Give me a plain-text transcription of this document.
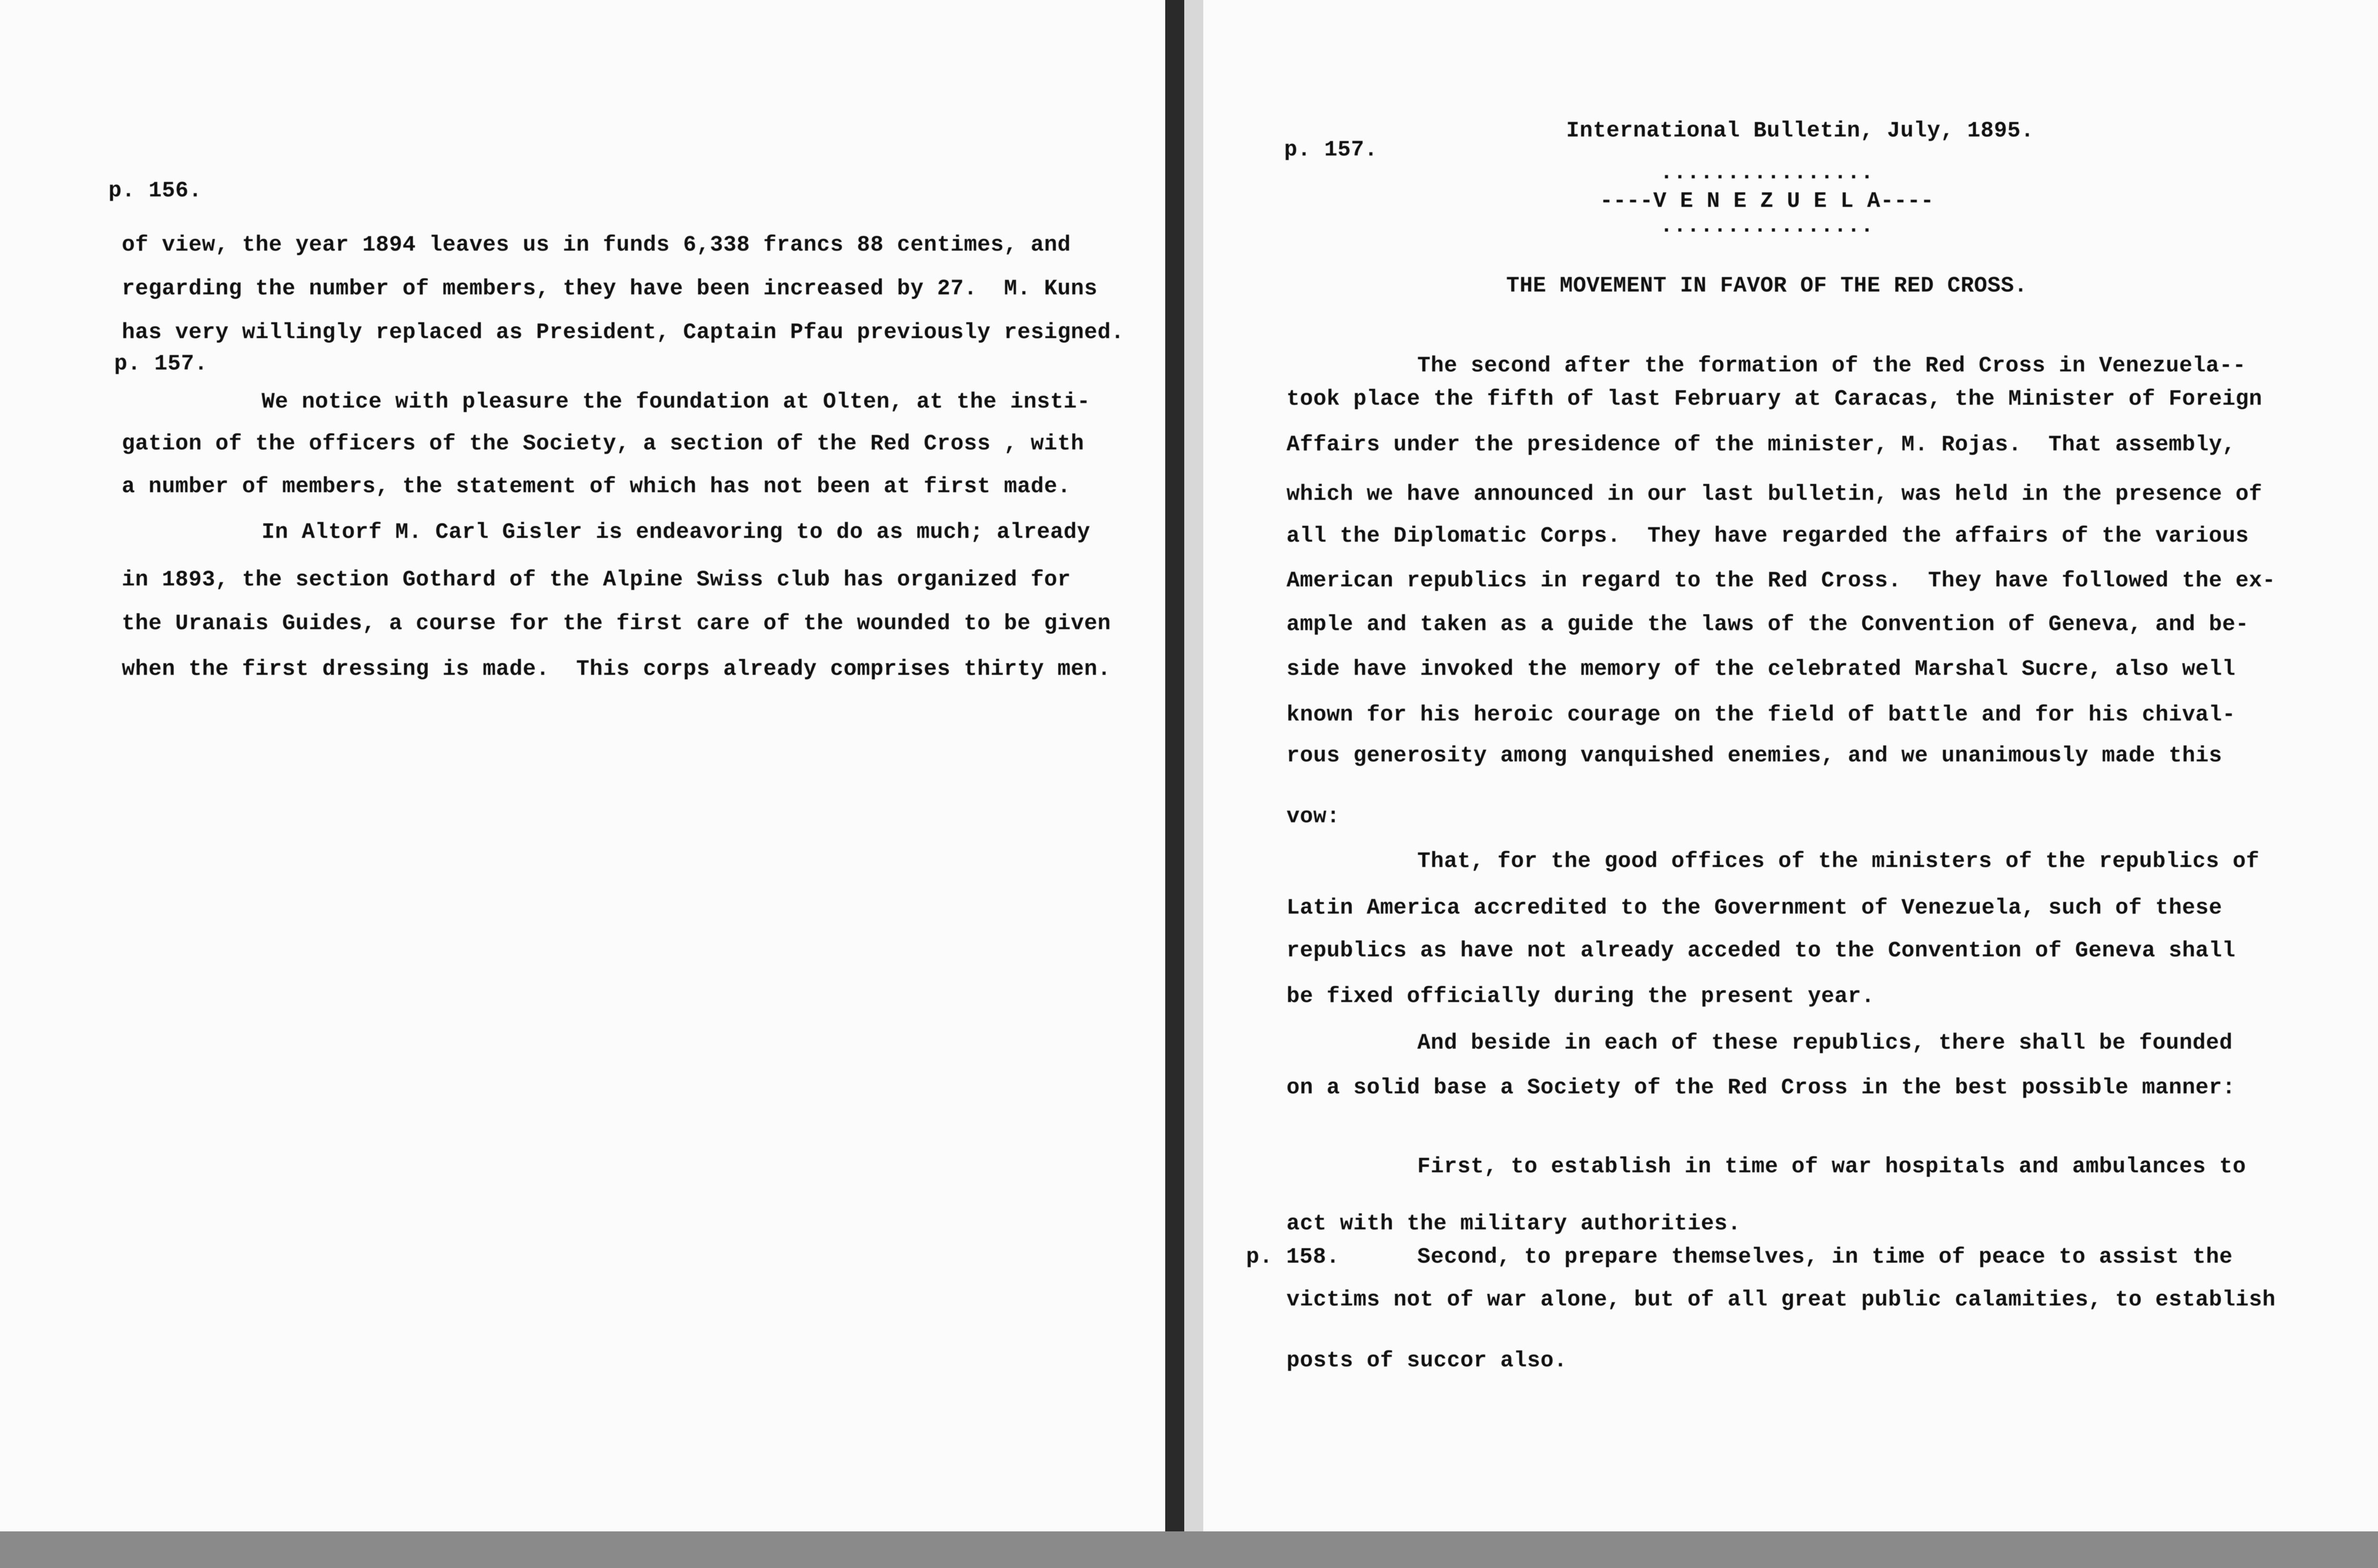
p. 156.
of view, the year 1894 leaves us in funds 6,338 francs 88 centimes, and
regarding the number of members, they have been increased by 27.  M. Kuns
has very willingly replaced as President, Captain Pfau previously resigned.
p. 157.
We notice with pleasure the foundation at Olten, at the insti-
gation of the officers of the Society, a section of the Red Cross , with
a number of members, the statement of which has not been at first made.
In Altorf M. Carl Gisler is endeavoring to do as much; already
in 1893, the section Gothard of the Alpine Swiss club has organized for
the Uranais Guides, a course for the first care of the wounded to be given
when the first dressing is made.  This corps already comprises thirty men.
International Bulletin, July, 1895.
p. 157.
................
----V E N E Z U E L A----
................
THE MOVEMENT IN FAVOR OF THE RED CROSS.
The second after the formation of the Red Cross in Venezuela--
took place the fifth of last February at Caracas, the Minister of Foreign
Affairs under the presidence of the minister, M. Rojas.  That assembly,
which we have announced in our last bulletin, was held in the presence of
all the Diplomatic Corps.  They have regarded the affairs of the various
American republics in regard to the Red Cross.  They have followed the ex-
ample and taken as a guide the laws of the Convention of Geneva, and be-
side have invoked the memory of the celebrated Marshal Sucre, also well
known for his heroic courage on the field of battle and for his chival-
rous generosity among vanquished enemies, and we unanimously made this
vow:
That, for the good offices of the ministers of the republics of
Latin America accredited to the Government of Venezuela, such of these
republics as have not already acceded to the Convention of Geneva shall
be fixed officially during the present year.
And beside in each of these republics, there shall be founded
on a solid base a Society of the Red Cross in the best possible manner:
First, to establish in time of war hospitals and ambulances to
act with the military authorities.
p. 158.	Second, to prepare themselves, in time of peace to assist the
victims not of war alone, but of all great public calamities, to establish
posts of succor also.
